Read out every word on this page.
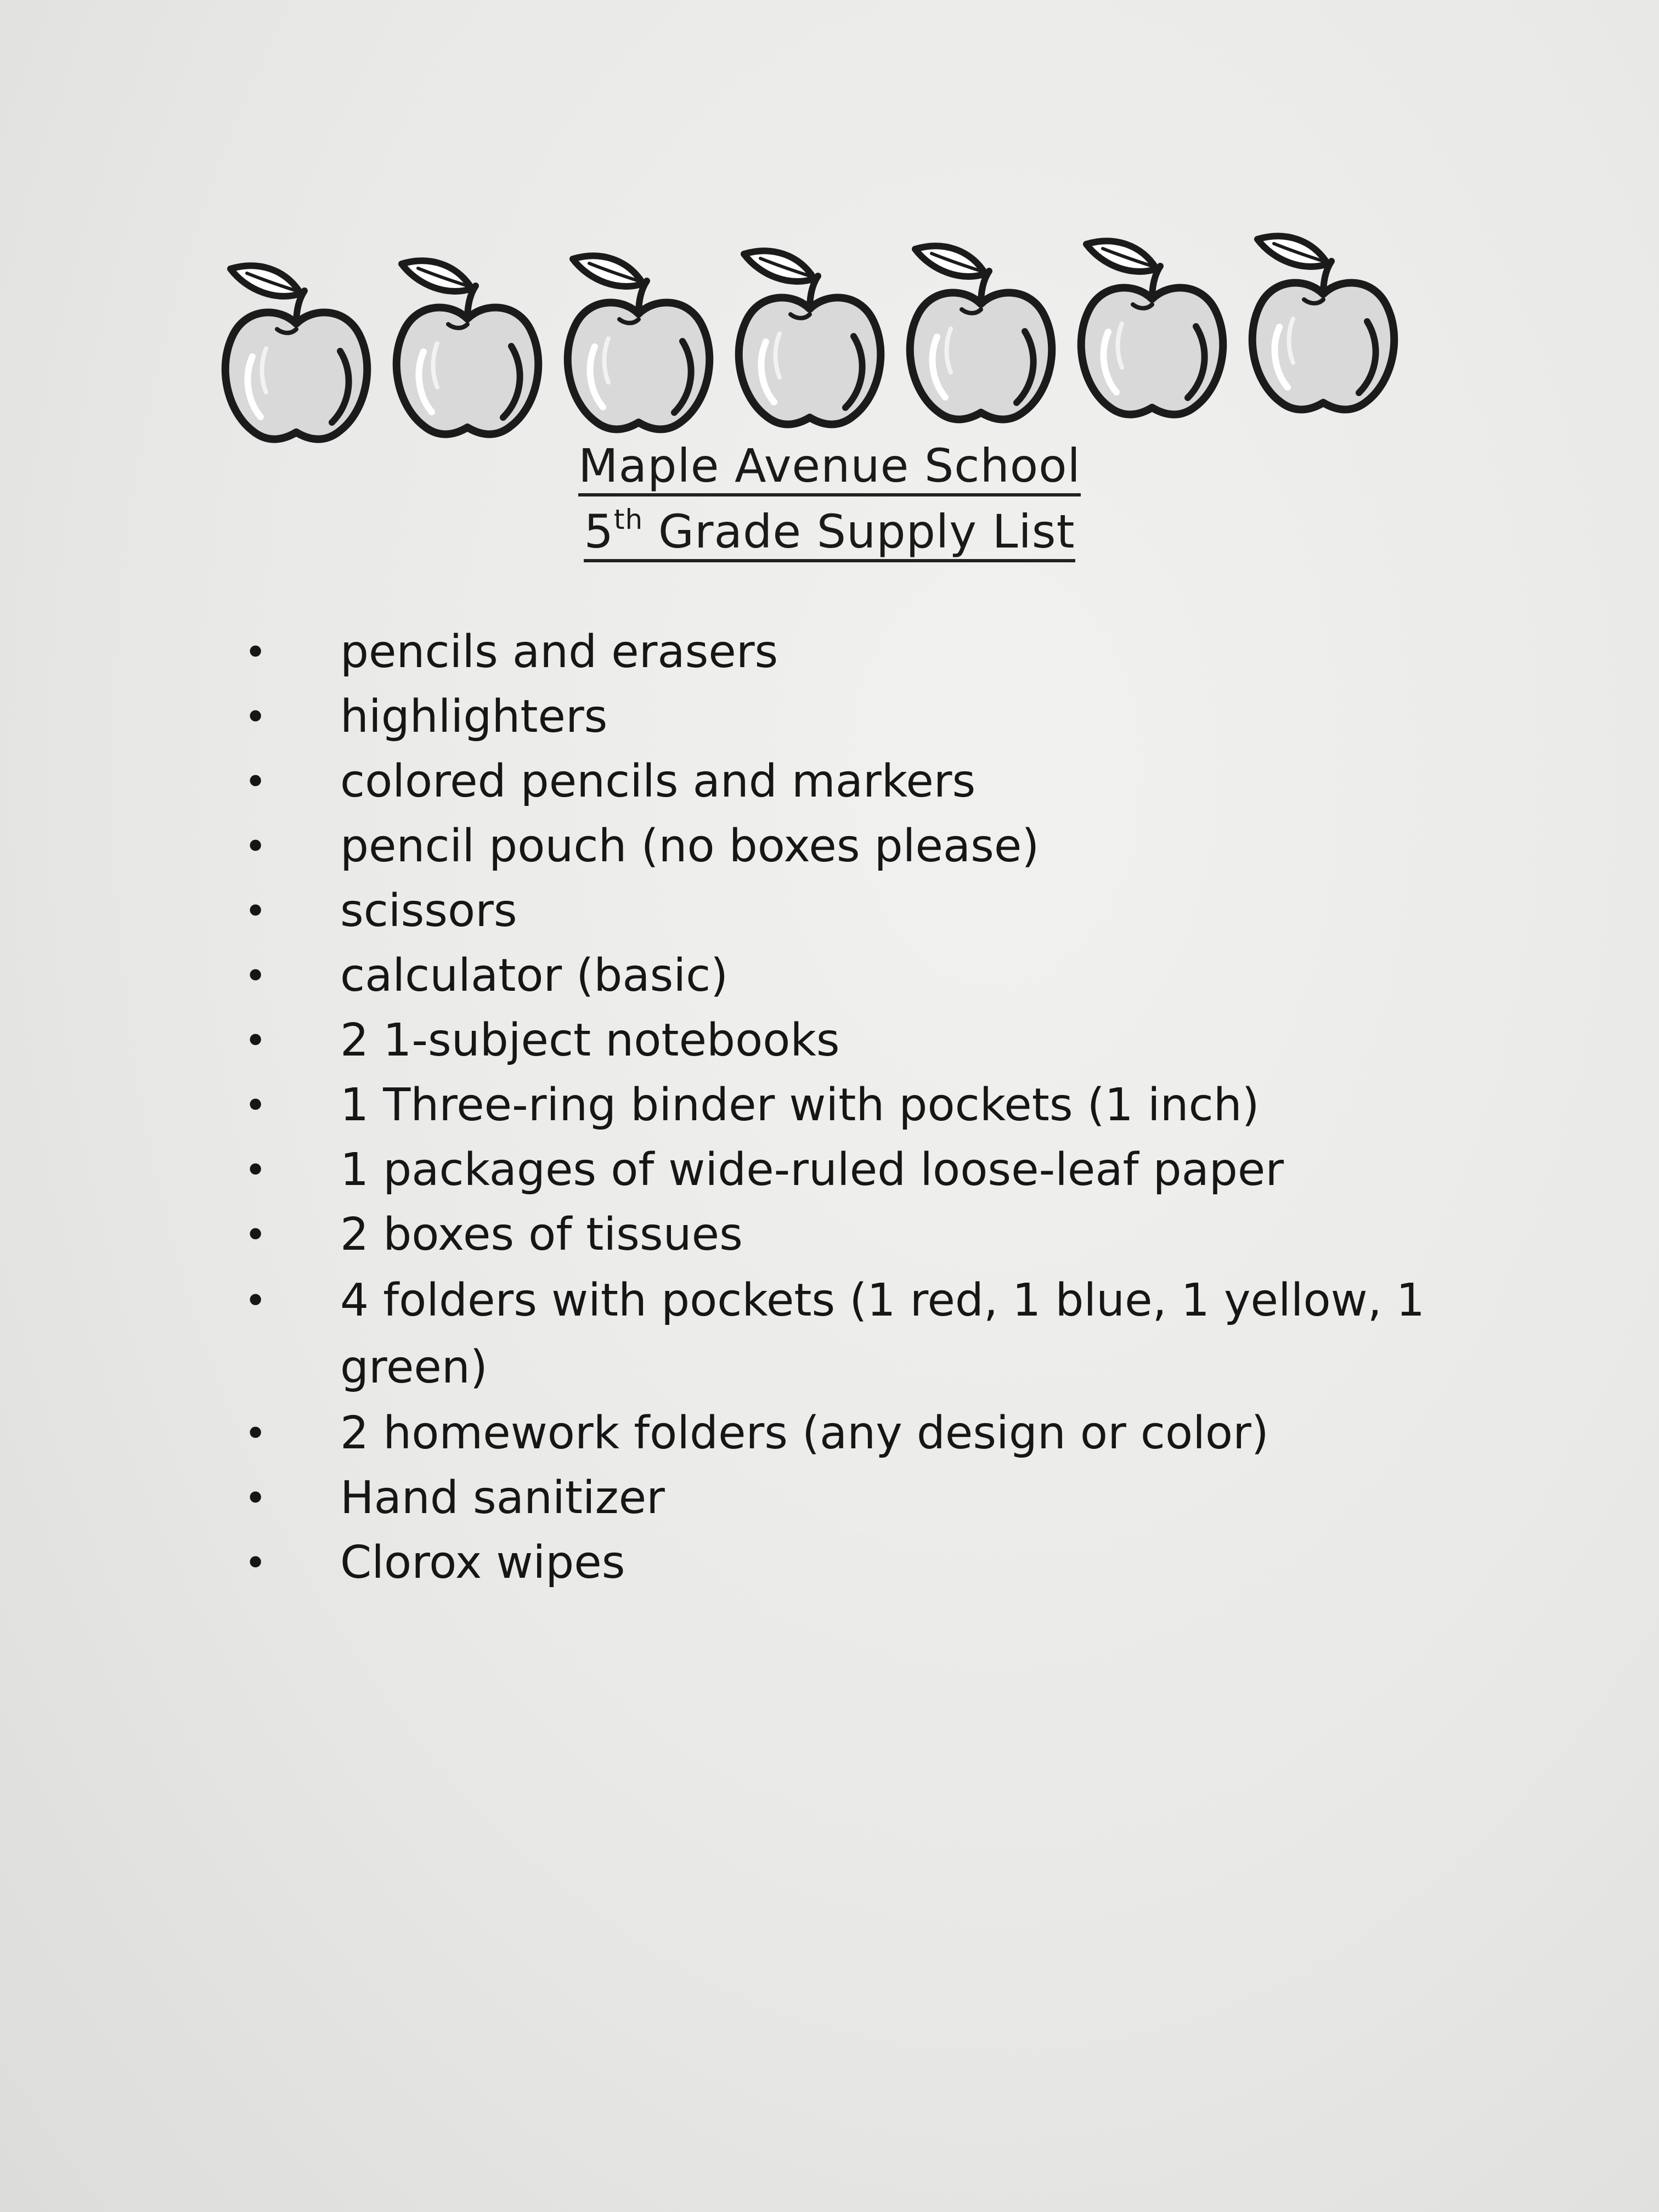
Maple Avenue School
5th Grade Supply List
• pencils and erasers
• highlighters
• colored pencils and markers
• pencil pouch (no boxes please)
• scissors
• calculator (basic)
• 2 1-subject notebooks
• 1 Three-ring binder with pockets (1 inch)
• 1 packages of wide-ruled loose-leaf paper
• 2 boxes of tissues
• 4 folders with pockets (1 red, 1 blue, 1 yellow, 1 green)
• 2 homework folders (any design or color)
• Hand sanitizer
• Clorox wipes
